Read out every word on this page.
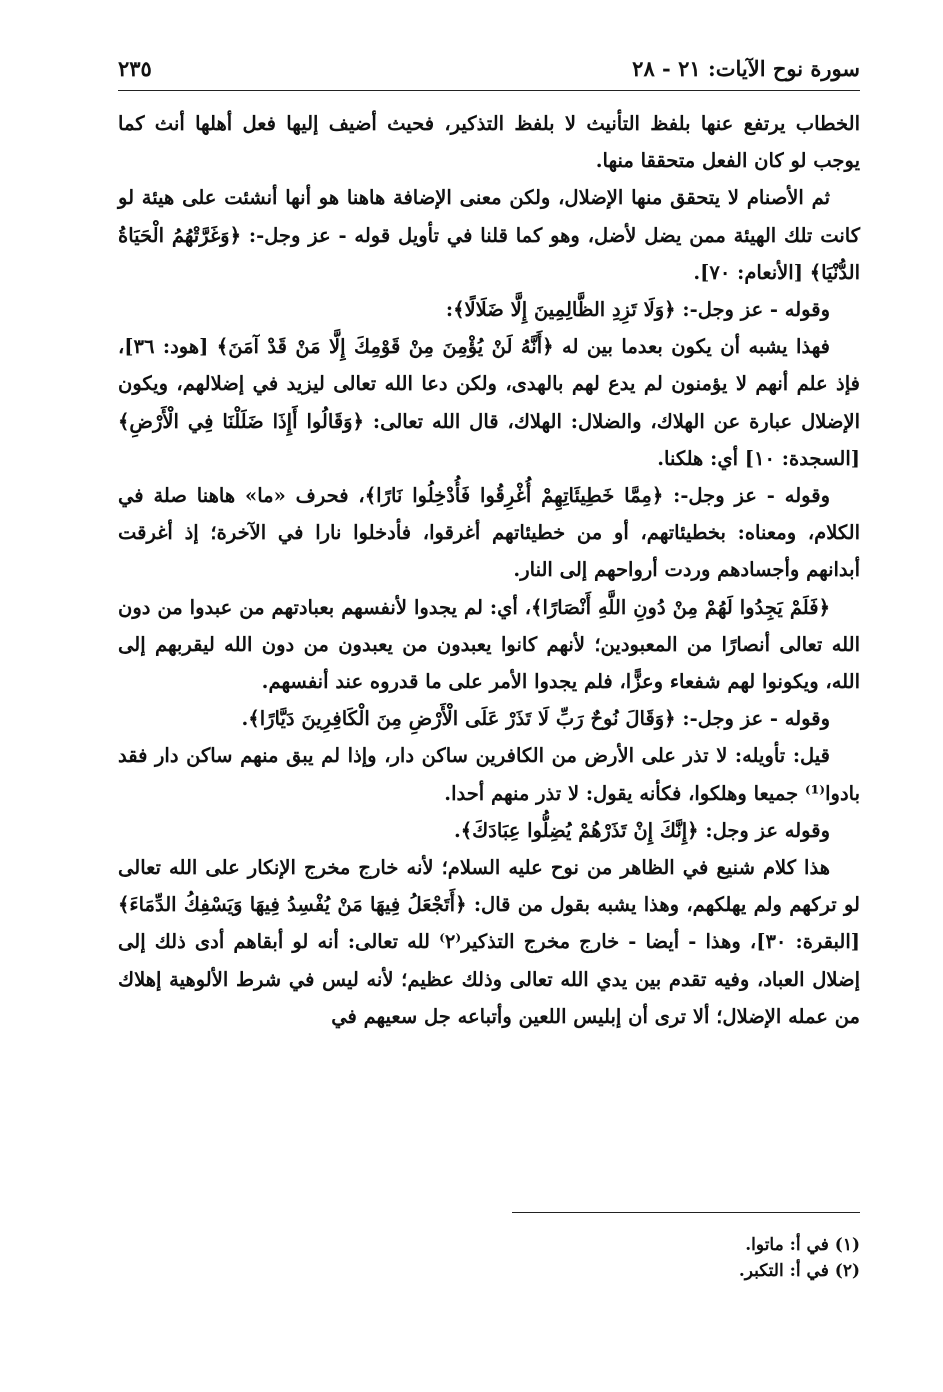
سورة نوح الآيات: ٢١ - ٢٨
٢٣٥

الخطاب يرتفع عنها بلفظ التأنيث لا بلفظ التذكير، فحيث أضيف إليها فعل أهلها أنث كما يوجب لو كان الفعل متحققا منها.

ثم الأصنام لا يتحقق منها الإضلال، ولكن معنى الإضافة هاهنا هو أنها أنشئت على هيئة لو كانت تلك الهيئة ممن يضل لأضل، وهو كما قلنا في تأويل قوله - عز وجل-: ﴿وَغَرَّتْهُمُ الْحَيَاةُ الدُّنْيَا﴾ [الأنعام: ٧٠].

وقوله - عز وجل-: ﴿وَلَا تَزِدِ الظَّالِمِينَ إِلَّا ضَلَالًا﴾:

فهذا يشبه أن يكون بعدما بين له ﴿أَنَّهُ لَنْ يُؤْمِنَ مِنْ قَوْمِكَ إِلَّا مَنْ قَدْ آمَنَ﴾ [هود: ٣٦]، فإذ علم أنهم لا يؤمنون لم يدع لهم بالهدى، ولكن دعا الله تعالى ليزيد في إضلالهم، ويكون الإضلال عبارة عن الهلاك، والضلال: الهلاك، قال الله تعالى: ﴿وَقَالُوا أَإِذَا ضَلَلْنَا فِي الْأَرْضِ﴾ [السجدة: ١٠] أي: هلكنا.

وقوله - عز وجل-: ﴿مِمَّا خَطِيئَاتِهِمْ أُغْرِقُوا فَأُدْخِلُوا نَارًا﴾، فحرف «ما» هاهنا صلة في الكلام، ومعناه: بخطيئاتهم، أو من خطيئاتهم أغرقوا، فأدخلوا نارا في الآخرة؛ إذ أغرقت أبدانهم وأجسادهم وردت أرواحهم إلى النار.

﴿فَلَمْ يَجِدُوا لَهُمْ مِنْ دُونِ اللَّهِ أَنْصَارًا﴾، أي: لم يجدوا لأنفسهم بعبادتهم من عبدوا من دون الله تعالى أنصارًا من المعبودين؛ لأنهم كانوا يعبدون من يعبدون من دون الله ليقربهم إلى الله، ويكونوا لهم شفعاء وعزًّا، فلم يجدوا الأمر على ما قدروه عند أنفسهم.

وقوله - عز وجل-: ﴿وَقَالَ نُوحٌ رَبِّ لَا تَذَرْ عَلَى الْأَرْضِ مِنَ الْكَافِرِينَ دَيَّارًا﴾.

قيل: تأويله: لا تذر على الأرض من الكافرين ساكن دار، وإذا لم يبق منهم ساكن دار فقد بادوا⁽¹⁾ جميعا وهلكوا، فكأنه يقول: لا تذر منهم أحدا.

وقوله عز وجل: ﴿إِنَّكَ إِنْ تَذَرْهُمْ يُضِلُّوا عِبَادَكَ﴾.

هذا كلام شنيع في الظاهر من نوح عليه السلام؛ لأنه خارج مخرج الإنكار على الله تعالى لو تركهم ولم يهلكهم، وهذا يشبه بقول من قال: ﴿أَتَجْعَلُ فِيهَا مَنْ يُفْسِدُ فِيهَا وَيَسْفِكُ الدِّمَاءَ﴾ [البقرة: ٣٠]، وهذا - أيضا - خارج مخرج التذكير⁽٢⁾ لله تعالى: أنه لو أبقاهم أدى ذلك إلى إضلال العباد، وفيه تقدم بين يدي الله تعالى وذلك عظيم؛ لأنه ليس في شرط الألوهية إهلاك من عمله الإضلال؛ ألا ترى أن إبليس اللعين وأتباعه جل سعيهم في

(١) في أ: ماتوا.
(٢) في أ: التكبر.
